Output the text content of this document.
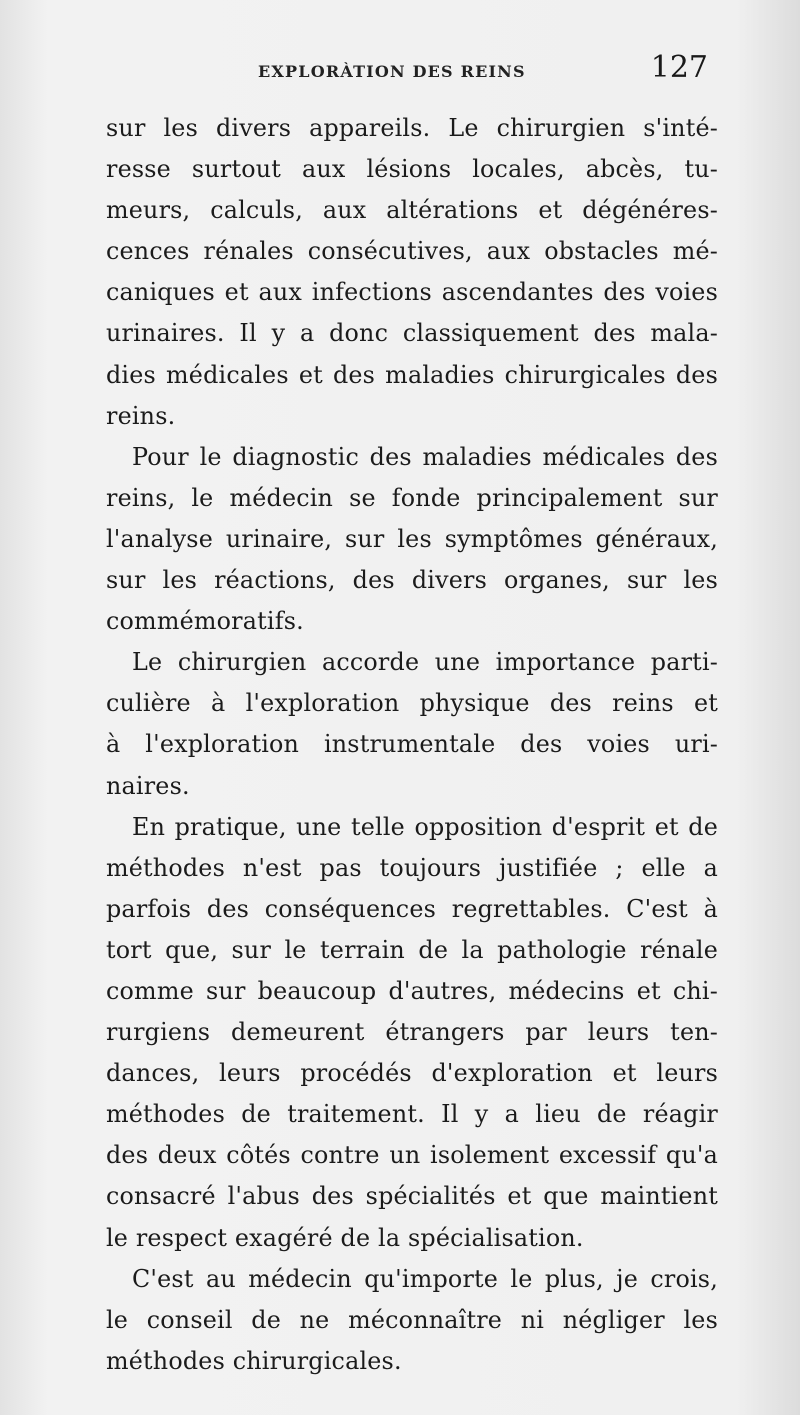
EXPLORÀTION DES REINS	127
sur les divers appareils. Le chirurgien s'inté-
resse surtout aux lésions locales, abcès, tu-
meurs, calculs, aux altérations et dégénéres-
cences rénales consécutives, aux obstacles mé-
caniques et aux infections ascendantes des voies
urinaires. Il y a donc classiquement des mala-
dies médicales et des maladies chirurgicales des
reins.
Pour le diagnostic des maladies médicales des
reins, le médecin se fonde principalement sur
l'analyse urinaire, sur les symptômes généraux,
sur les réactions, des divers organes, sur les
commémoratifs.
Le chirurgien accorde une importance parti-
culière à l'exploration physique des reins et
à l'exploration instrumentale des voies uri-
naires.
En pratique, une telle opposition d'esprit et de
méthodes n'est pas toujours justifiée ; elle a
parfois des conséquences regrettables. C'est à
tort que, sur le terrain de la pathologie rénale
comme sur beaucoup d'autres, médecins et chi-
rurgiens demeurent étrangers par leurs ten-
dances, leurs procédés d'exploration et leurs
méthodes de traitement. Il y a lieu de réagir
des deux côtés contre un isolement excessif qu'a
consacré l'abus des spécialités et que maintient
le respect exagéré de la spécialisation.
C'est au médecin qu'importe le plus, je crois,
le conseil de ne méconnaître ni négliger les
méthodes chirurgicales.
